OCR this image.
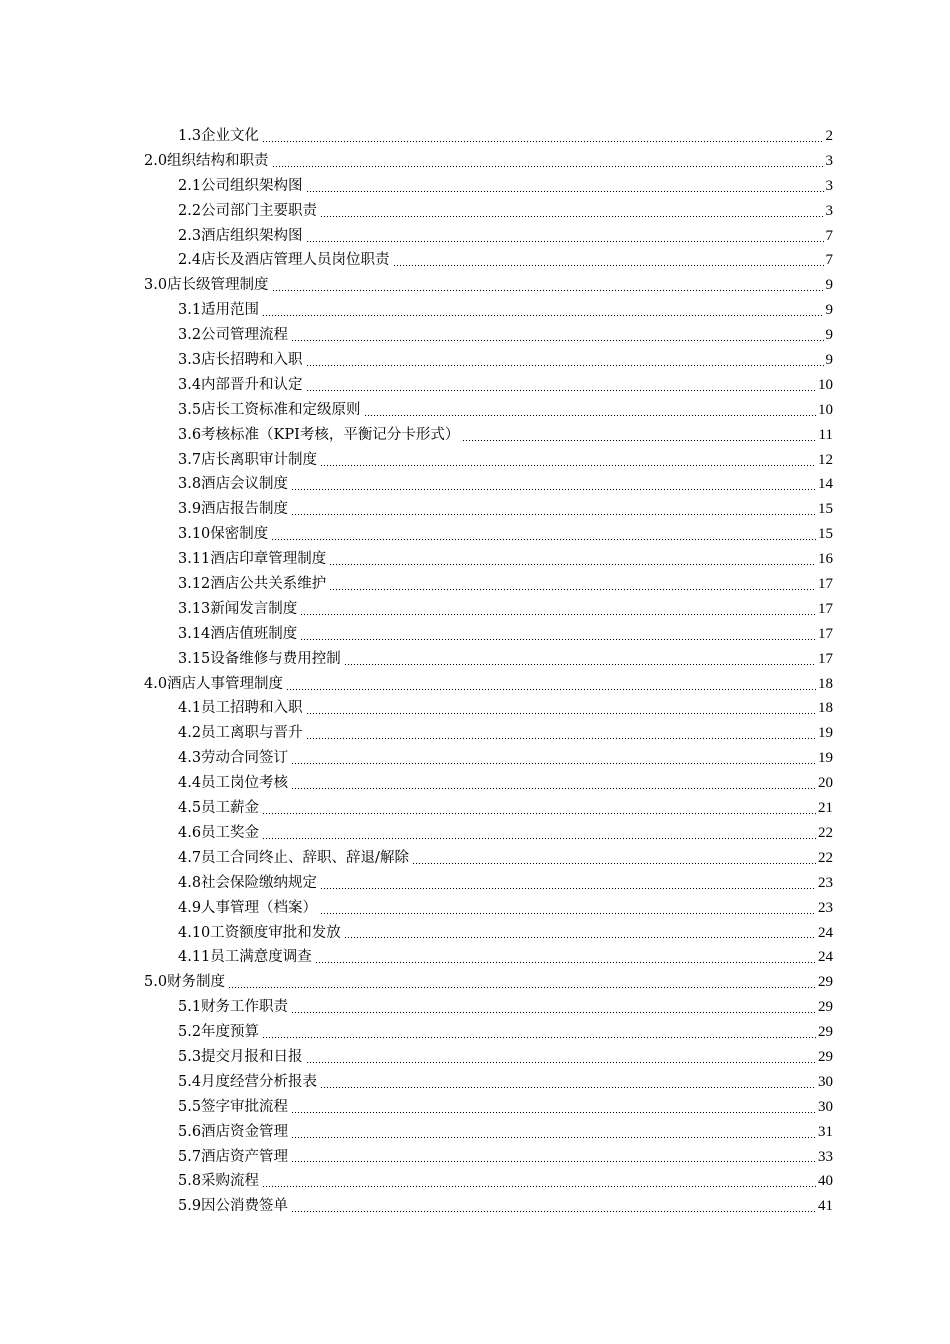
1.3企业文化	2
2.0组织结构和职责	3
2.1公司组织架构图	3
2.2公司部门主要职责	3
2.3酒店组织架构图	7
2.4店长及酒店管理人员岗位职责	7
3.0店长级管理制度	9
3.1适用范围	9
3.2公司管理流程	9
3.3店长招聘和入职	9
3.4内部晋升和认定	10
3.5店长工资标准和定级原则	10
3.6考核标准（KPI考核，平衡记分卡形式）	11
3.7店长离职审计制度	12
3.8酒店会议制度	14
3.9酒店报告制度	15
3.10保密制度	15
3.11酒店印章管理制度	16
3.12酒店公共关系维护	17
3.13新闻发言制度	17
3.14酒店值班制度	17
3.15设备维修与费用控制	17
4.0酒店人事管理制度	18
4.1员工招聘和入职	18
4.2员工离职与晋升	19
4.3劳动合同签订	19
4.4员工岗位考核	20
4.5员工薪金	21
4.6员工奖金	22
4.7员工合同终止、辞职、辞退/解除	22
4.8社会保险缴纳规定	23
4.9人事管理（档案）	23
4.10工资额度审批和发放	24
4.11员工满意度调查	24
5.0财务制度	29
5.1财务工作职责	29
5.2年度预算	29
5.3提交月报和日报	29
5.4月度经营分析报表	30
5.5签字审批流程	30
5.6酒店资金管理	31
5.7酒店资产管理	33
5.8采购流程	40
5.9因公消费签单	41
